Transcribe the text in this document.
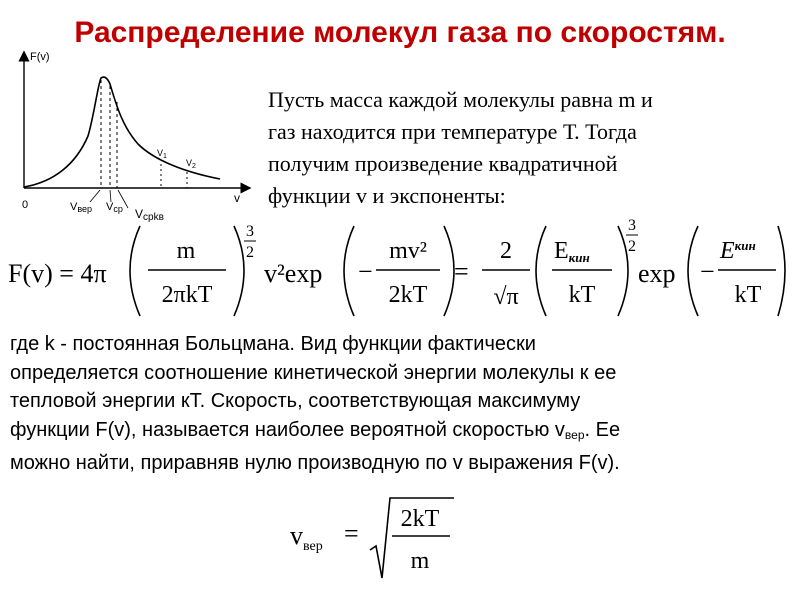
Распределение молекул газа по скоростям.
F(v)
v
0	Vвер Vср Vсрkв
$V_1$
$V_2$
Пусть масса каждой молекулы равна m и
газ находится при температуре Т. Тогда
получим произведение квадратичной
функции v и экспоненты:
F(v) = 4π
m
2πkT
3
2
v²exp −
mv²
2kT
=
2
√π
Eкин
kT
3
2
exp −
$E^{кин}$
kT
где k - постоянная Больцмана. Вид функции фактически
определяется соотношение кинетической энергии молекулы к ее
тепловой энергии кТ. Скорость, соответствующая максимуму
функции F(v), называется наиболее вероятной скоростью $v_{вер}$. Ее
можно найти, приравняв нулю производную по v выражения F(v).
$v_{вер} = 2kT$
m
